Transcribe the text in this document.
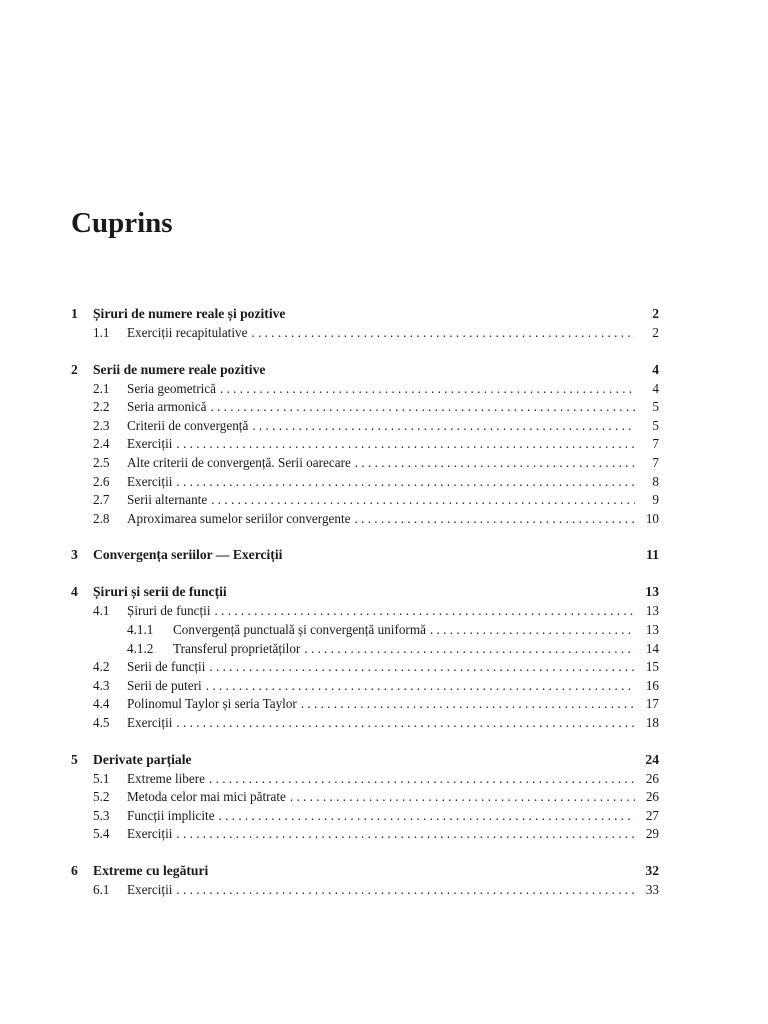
Cuprins
1	Șiruri de numere reale și pozitive	2
1.1	Exerciții recapitulative . . .	2
2	Serii de numere reale pozitive	4
2.1	Seria geometrică . . .	4
2.2	Seria armonică . . .	5
2.3	Criterii de convergență . . .	5
2.4	Exerciții . . .	7
2.5	Alte criterii de convergență. Serii oarecare . . .	7
2.6	Exerciții . . .	8
2.7	Serii alternante . . .	9
2.8	Aproximarea sumelor seriilor convergente . . .	10
3	Convergența seriilor — Exerciții	11
4	Șiruri și serii de funcții	13
4.1	Șiruri de funcții . . .	13
4.1.1	Convergență punctuală și convergență uniformă . . .	13
4.1.2	Transferul proprietăților . . .	14
4.2	Serii de funcții . . .	15
4.3	Serii de puteri . . .	16
4.4	Polinomul Taylor și seria Taylor . . .	17
4.5	Exerciții . . .	18
5	Derivate parțiale	24
5.1	Extreme libere . . .	26
5.2	Metoda celor mai mici pătrate . . .	26
5.3	Funcții implicite . . .	27
5.4	Exerciții . . .	29
6	Extreme cu legături	32
6.1	Exerciții . . .	33
